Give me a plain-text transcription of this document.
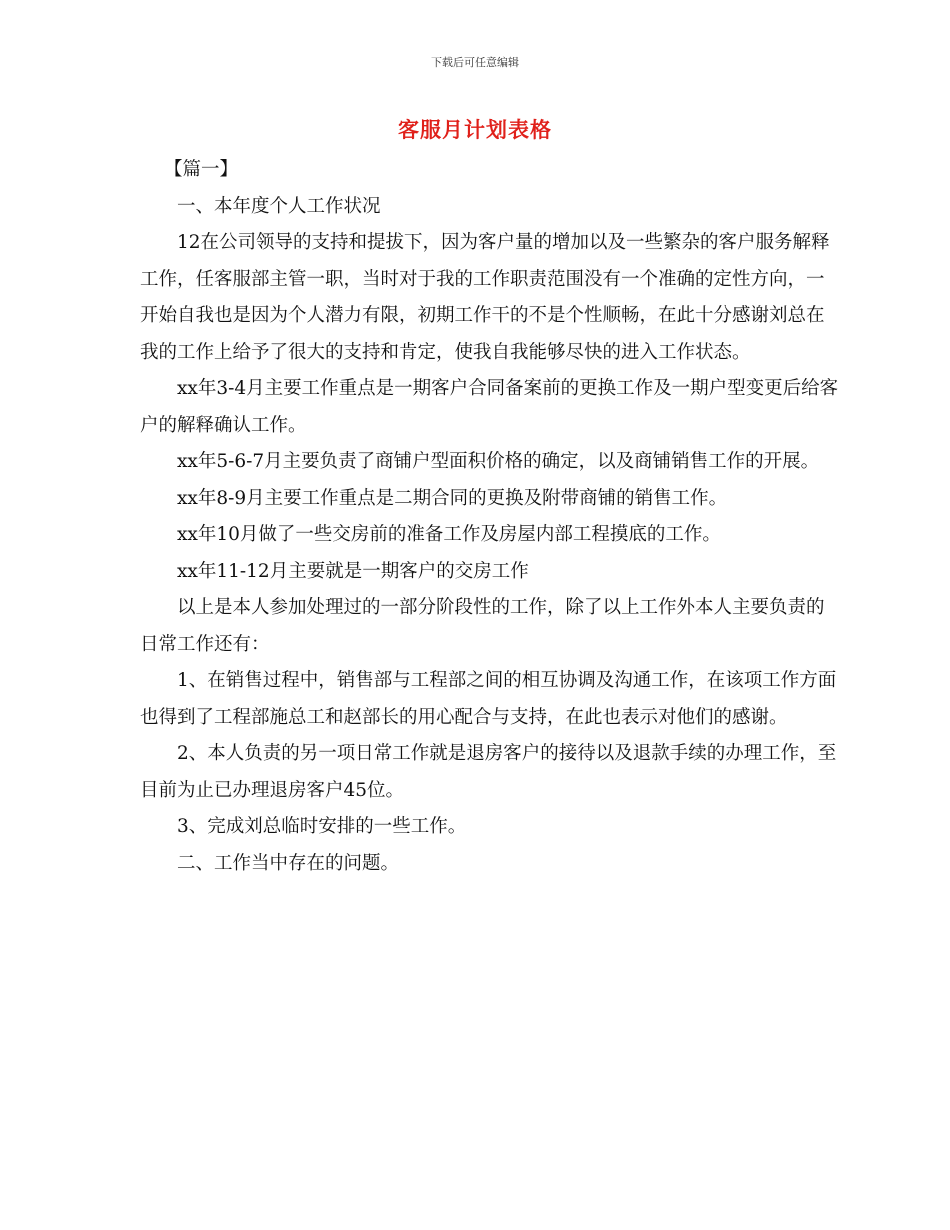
下载后可任意编辑
客服月计划表格

【篇一】

一、本年度个人工作状况

12在公司领导的支持和提拔下，因为客户量的增加以及一些繁杂的客户服务解释工作，任客服部主管一职，当时对于我的工作职责范围没有一个准确的定性方向，一开始自我也是因为个人潜力有限，初期工作干的不是个性顺畅，在此十分感谢刘总在我的工作上给予了很大的支持和肯定，使我自我能够尽快的进入工作状态。

xx年3-4月主要工作重点是一期客户合同备案前的更换工作及一期户型变更后给客户的解释确认工作。

xx年5-6-7月主要负责了商铺户型面积价格的确定，以及商铺销售工作的开展。

xx年8-9月主要工作重点是二期合同的更换及附带商铺的销售工作。

xx年10月做了一些交房前的准备工作及房屋内部工程摸底的工作。

xx年11-12月主要就是一期客户的交房工作

以上是本人参加处理过的一部分阶段性的工作，除了以上工作外本人主要负责的日常工作还有：

1、在销售过程中，销售部与工程部之间的相互协调及沟通工作，在该项工作方面也得到了工程部施总工和赵部长的用心配合与支持，在此也表示对他们的感谢。

2、本人负责的另一项日常工作就是退房客户的接待以及退款手续的办理工作，至目前为止已办理退房客户45位。

3、完成刘总临时安排的一些工作。

二、工作当中存在的问题。
